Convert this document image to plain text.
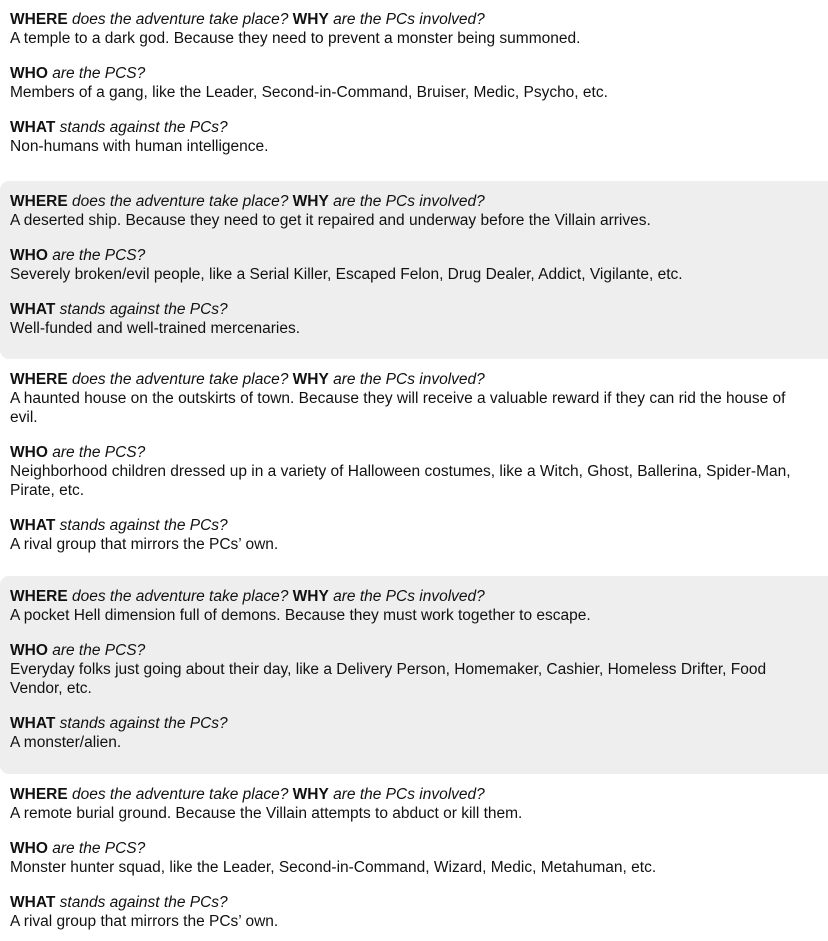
WHERE does the adventure take place? WHY are the PCs involved?
A temple to a dark god. Because they need to prevent a monster being summoned.
WHO are the PCS?
Members of a gang, like the Leader, Second-in-Command, Bruiser, Medic, Psycho, etc.
WHAT stands against the PCs?
Non-humans with human intelligence.
WHERE does the adventure take place? WHY are the PCs involved?
A deserted ship. Because they need to get it repaired and underway before the Villain arrives.
WHO are the PCS?
Severely broken/evil people, like a Serial Killer, Escaped Felon, Drug Dealer, Addict, Vigilante, etc.
WHAT stands against the PCs?
Well-funded and well-trained mercenaries.
WHERE does the adventure take place? WHY are the PCs involved?
A haunted house on the outskirts of town. Because they will receive a valuable reward if they can rid the house of evil.
WHO are the PCS?
Neighborhood children dressed up in a variety of Halloween costumes, like a Witch, Ghost, Ballerina, Spider-Man, Pirate, etc.
WHAT stands against the PCs?
A rival group that mirrors the PCs’ own.
WHERE does the adventure take place? WHY are the PCs involved?
A pocket Hell dimension full of demons. Because they must work together to escape.
WHO are the PCS?
Everyday folks just going about their day, like a Delivery Person, Homemaker, Cashier, Homeless Drifter, Food Vendor, etc.
WHAT stands against the PCs?
A monster/alien.
WHERE does the adventure take place? WHY are the PCs involved?
A remote burial ground. Because the Villain attempts to abduct or kill them.
WHO are the PCS?
Monster hunter squad, like the Leader, Second-in-Command, Wizard, Medic, Metahuman, etc.
WHAT stands against the PCs?
A rival group that mirrors the PCs’ own.
